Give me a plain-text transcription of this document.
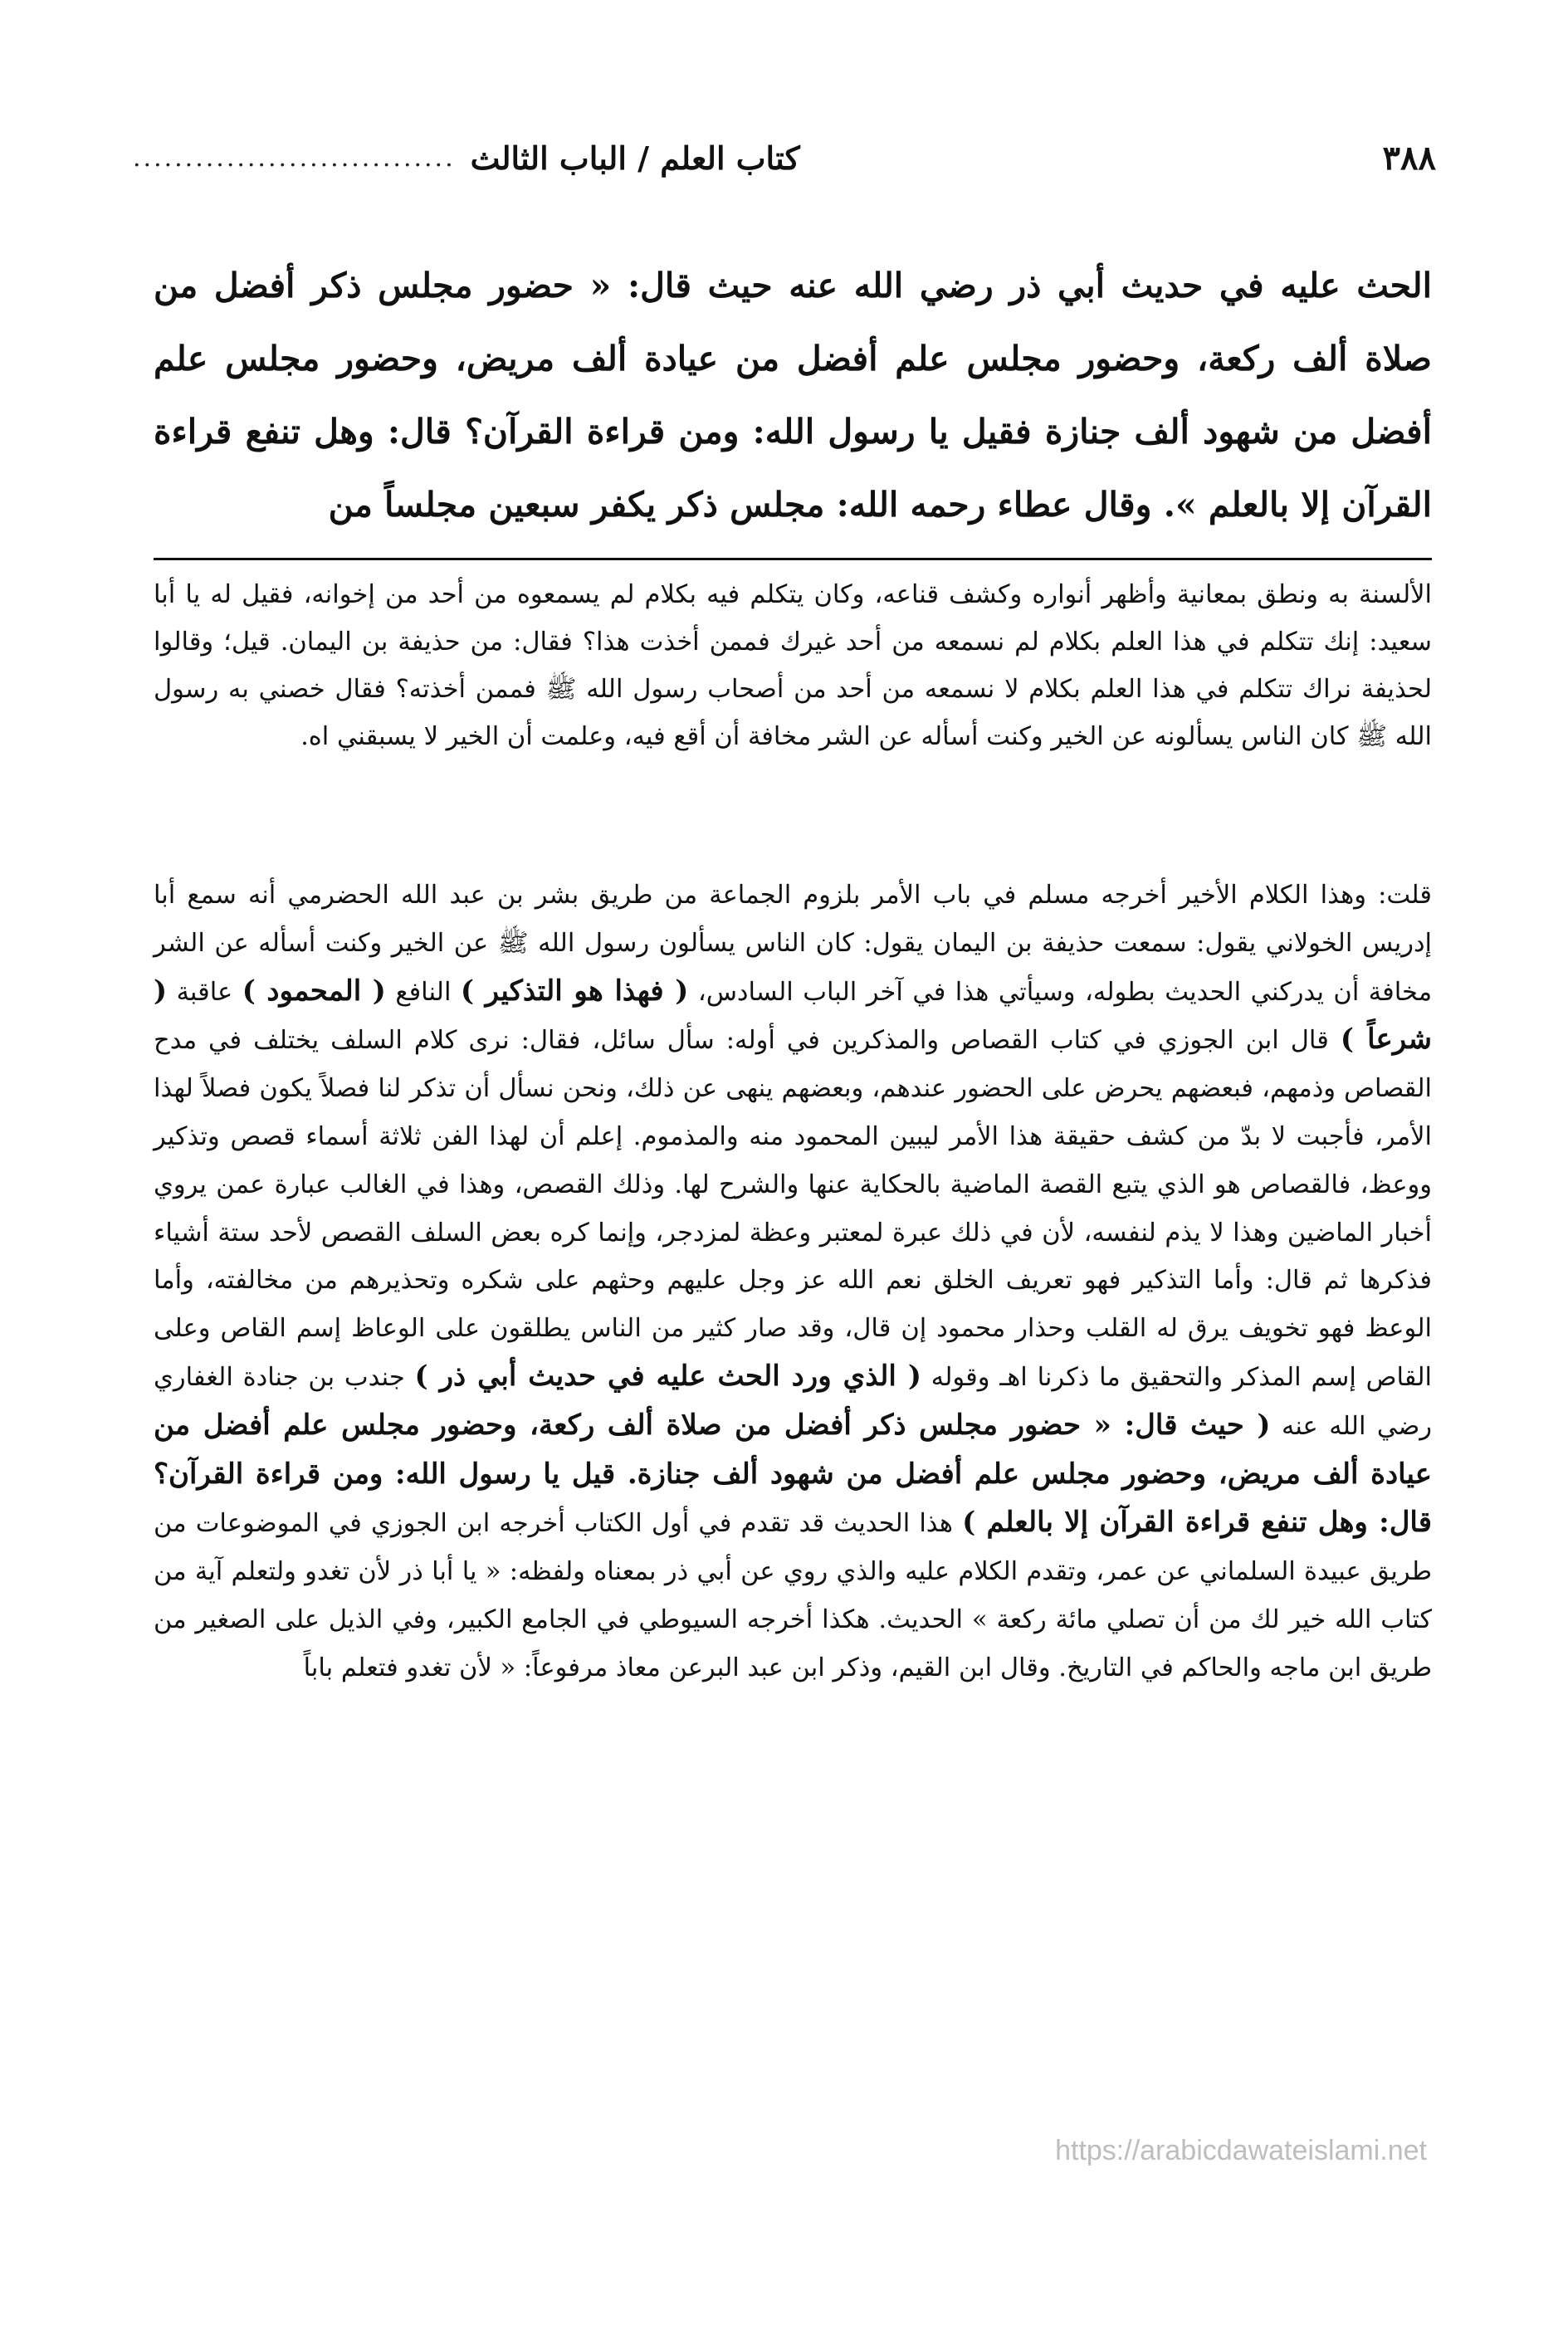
٣٨٨
كتاب العلم / الباب الثالث
...............................

الحث عليه في حديث أبي ذر رضي الله عنه حيث قال: « حضور مجلس ذكر أفضل من صلاة ألف ركعة، وحضور مجلس علم أفضل من عيادة ألف مريض، وحضور مجلس علم أفضل من شهود ألف جنازة فقيل يا رسول الله: ومن قراءة القرآن؟ قال: وهل تنفع قراءة القرآن إلا بالعلم ». وقال عطاء رحمه الله: مجلس ذكر يكفر سبعين مجلساً من

الألسنة به ونطق بمعانية وأظهر أنواره وكشف قناعه، وكان يتكلم فيه بكلام لم يسمعوه من أحد من إخوانه، فقيل له يا أبا سعيد: إنك تتكلم في هذا العلم بكلام لم نسمعه من أحد غيرك فممن أخذت هذا؟ فقال: من حذيفة بن اليمان. قيل؛ وقالوا لحذيفة نراك تتكلم في هذا العلم بكلام لا نسمعه من أحد من أصحاب رسول الله ﷺ فممن أخذته؟ فقال خصني به رسول الله ﷺ كان الناس يسألونه عن الخير وكنت أسأله عن الشر مخافة أن أقع فيه، وعلمت أن الخير لا يسبقني اه.

قلت: وهذا الكلام الأخير أخرجه مسلم في باب الأمر بلزوم الجماعة من طريق بشر بن عبد الله الحضرمي أنه سمع أبا إدريس الخولاني يقول: سمعت حذيفة بن اليمان يقول: كان الناس يسألون رسول الله ﷺ عن الخير وكنت أسأله عن الشر مخافة أن يدركني الحديث بطوله، وسيأتي هذا في آخر الباب السادس، ( فهذا هو التذكير ) النافع ( المحمود ) عاقبة ( شرعاً ) قال ابن الجوزي في كتاب القصاص والمذكرين في أوله: سأل سائل، فقال: نرى كلام السلف يختلف في مدح القصاص وذمهم، فبعضهم يحرض على الحضور عندهم، وبعضهم ينهى عن ذلك، ونحن نسأل أن تذكر لنا فصلاً يكون فصلاً لهذا الأمر، فأجبت لا بدّ من كشف حقيقة هذا الأمر ليبين المحمود منه والمذموم. إعلم أن لهذا الفن ثلاثة أسماء قصص وتذكير ووعظ، فالقصاص هو الذي يتبع القصة الماضية بالحكاية عنها والشرح لها. وذلك القصص، وهذا في الغالب عبارة عمن يروي أخبار الماضين وهذا لا يذم لنفسه، لأن في ذلك عبرة لمعتبر وعظة لمزدجر، وإنما كره بعض السلف القصص لأحد ستة أشياء فذكرها ثم قال: وأما التذكير فهو تعريف الخلق نعم الله عز وجل عليهم وحثهم على شكره وتحذيرهم من مخالفته، وأما الوعظ فهو تخويف يرق له القلب وحذار محمود إن قال، وقد صار كثير من الناس يطلقون على الوعاظ إسم القاص وعلى القاص إسم المذكر والتحقيق ما ذكرنا اهـ وقوله ( الذي ورد الحث عليه في حديث أبي ذر ) جندب بن جنادة الغفاري رضي الله عنه ( حيث قال: « حضور مجلس ذكر أفضل من صلاة ألف ركعة، وحضور مجلس علم أفضل من عيادة ألف مريض، وحضور مجلس علم أفضل من شهود ألف جنازة. قيل يا رسول الله: ومن قراءة القرآن؟ قال: وهل تنفع قراءة القرآن إلا بالعلم ) هذا الحديث قد تقدم في أول الكتاب أخرجه ابن الجوزي في الموضوعات من طريق عبيدة السلماني عن عمر، وتقدم الكلام عليه والذي روي عن أبي ذر بمعناه ولفظه: « يا أبا ذر لأن تغدو ولتعلم آية من كتاب الله خير لك من أن تصلي مائة ركعة » الحديث. هكذا أخرجه السيوطي في الجامع الكبير، وفي الذيل على الصغير من طريق ابن ماجه والحاكم في التاريخ. وقال ابن القيم، وذكر ابن عبد البرعن معاذ مرفوعاً: « لأن تغدو فتعلم باباً

https://arabicdawateislami.net
